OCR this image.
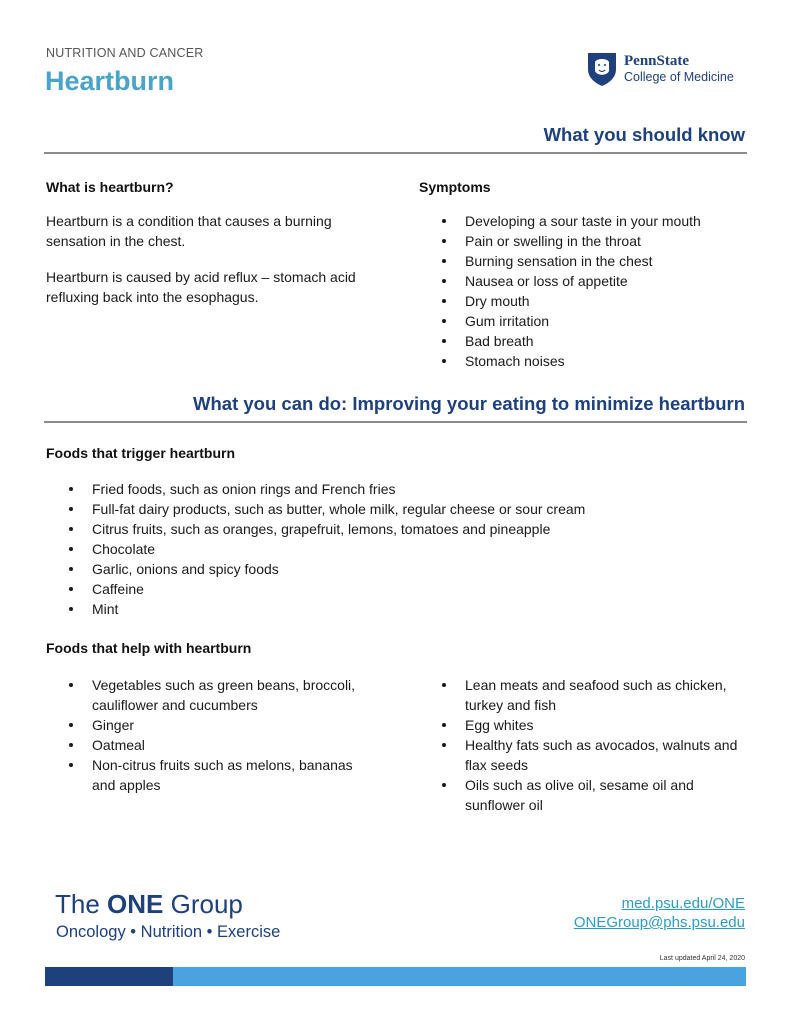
NUTRITION AND CANCER
Heartburn
PennState
College of Medicine
What you should know
What is heartburn?
Heartburn is a condition that causes a burning sensation in the chest.
Heartburn is caused by acid reflux – stomach acid refluxing back into the esophagus.
Symptoms
Developing a sour taste in your mouth
Pain or swelling in the throat
Burning sensation in the chest
Nausea or loss of appetite
Dry mouth
Gum irritation
Bad breath
Stomach noises
What you can do: Improving your eating to minimize heartburn
Foods that trigger heartburn
Fried foods, such as onion rings and French fries
Full-fat dairy products, such as butter, whole milk, regular cheese or sour cream
Citrus fruits, such as oranges, grapefruit, lemons, tomatoes and pineapple
Chocolate
Garlic, onions and spicy foods
Caffeine
Mint
Foods that help with heartburn
Vegetables such as green beans, broccoli, cauliflower and cucumbers
Ginger
Oatmeal
Non-citrus fruits such as melons, bananas and apples
Lean meats and seafood such as chicken, turkey and fish
Egg whites
Healthy fats such as avocados, walnuts and flax seeds
Oils such as olive oil, sesame oil and sunflower oil
The ONE Group
Oncology • Nutrition • Exercise
med.psu.edu/ONE
ONEGroup@phs.psu.edu
Last updated April 24, 2020
